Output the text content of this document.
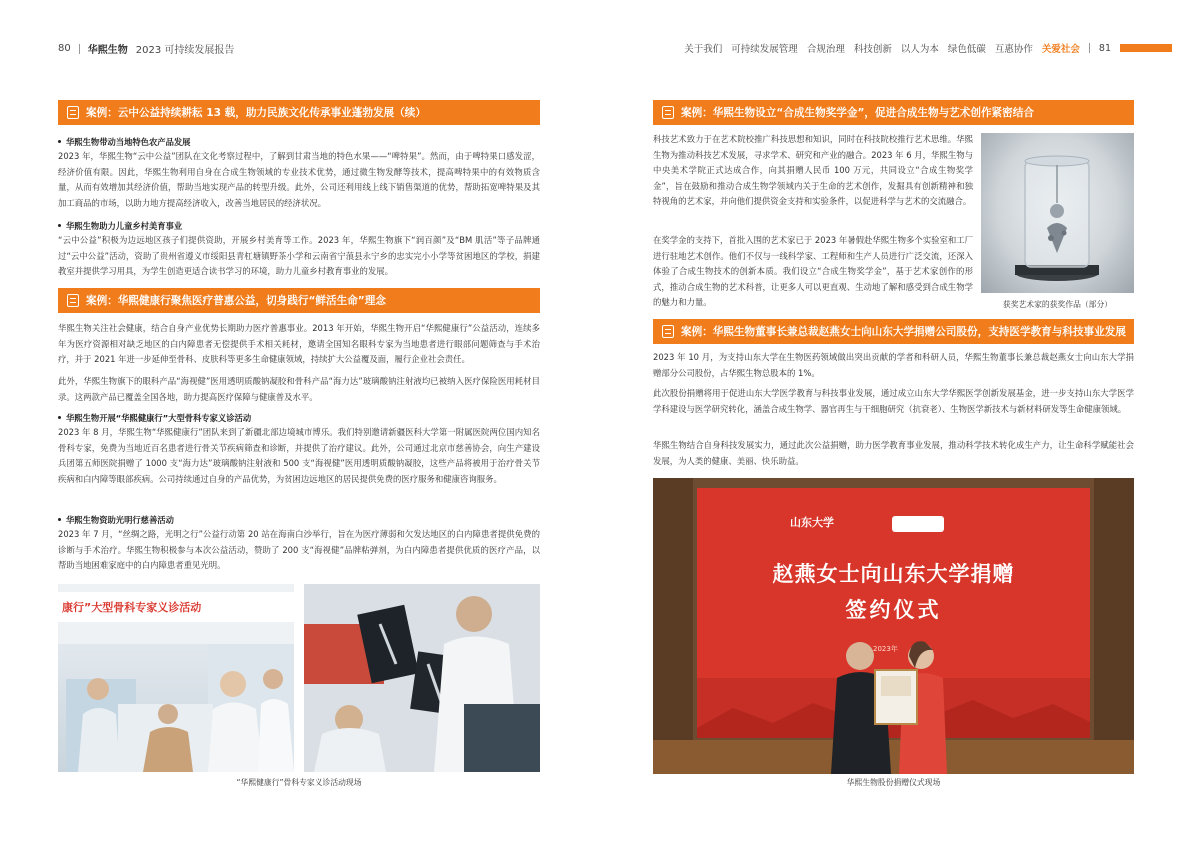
80 华熙生物 2023 可持续发展报告	关于我们 可持续发展管理 合规治理 科技创新 以人为本 绿色低碳 互惠协作 关爱社会 81
案例：云中公益持续耕耘 13 载，助力民族文化传承事业蓬勃发展（续）
华熙生物带动当地特色农产品发展
2023 年，华熙生物“云中公益”团队在文化考察过程中，了解到甘肃当地的特色水果——“啤特果”。然而，由于啤特果口感发涩，经济价值有限。因此，华熙生物利用自身在合成生物领域的专业技术优势，通过微生物发酵等技术，提高啤特果中的有效物质含量，从而有效增加其经济价值，帮助当地实现产品的转型升级。此外，公司还利用线上线下销售渠道的优势，帮助拓宽啤特果及其加工商品的市场，以助力地方提高经济收入，改善当地居民的经济状况。
华熙生物助力儿童乡村美育事业
“云中公益”积极为边远地区孩子们提供资助，开展乡村美育等工作。2023 年，华熙生物旗下“润百颜”及“BM 肌活”等子品牌通过“云中公益”活动，资助了贵州省遵义市绥阳县青杠塘镇野茶小学和云南省宁蒗县永宁乡的忠实完小小学等贫困地区的学校，捐建教室并提供学习用具，为学生创造更适合读书学习的环境，助力儿童乡村教育事业的发展。
案例：华熙健康行聚焦医疗普惠公益，切身践行“鲜活生命”理念
华熙生物关注社会健康，结合自身产业优势长期助力医疗普惠事业。2013 年开始，华熙生物开启“华熙健康行”公益活动，连续多年为医疗资源相对缺乏地区的白内障患者无偿提供手术相关耗材，邀请全国知名眼科专家为当地患者进行眼部问题筛查与手术治疗，并于 2021 年进一步延伸至骨科、皮肤科等更多生命健康领域，持续扩大公益覆及面，履行企业社会责任。
此外，华熙生物旗下的眼科产品“海视健”医用透明质酸钠凝胶和骨科产品“海力达”玻璃酸钠注射液均已被纳入医疗保险医用耗材目录。这两款产品已覆盖全国各地，助力提高医疗保障与健康普及水平。
华熙生物开展“华熙健康行”大型骨科专家义诊活动
2023 年 8 月，华熙生物“华熙健康行”团队来到了新疆北部边境城市博乐。我们特别邀请新疆医科大学第一附属医院两位国内知名骨科专家，免费为当地近百名患者进行骨关节疾病筛查和诊断，并提供了治疗建议。此外，公司通过北京市慈善协会，向生产建设兵团第五师医院捐赠了 1000 支“海力达”玻璃酸钠注射液和 500 支“海视健”医用透明质酸钠凝胶，这些产品将被用于治疗骨关节疾病和白内障等眼部疾病。公司持续通过自身的产品优势，为贫困边远地区的居民提供免费的医疗服务和健康咨询服务。
华熙生物资助光明行慈善活动
2023 年 7 月，“丝绸之路，光明之行”公益行动第 20 站在海南白沙举行，旨在为医疗薄弱和欠发达地区的白内障患者提供免费的诊断与手术治疗。华熙生物积极参与本次公益活动，赞助了 200 支“海视健”品牌粘弹剂，为白内障患者提供优质的医疗产品，以帮助当地困难家庭中的白内障患者重见光明。
康行”大型骨科专家义诊活动
“华熙健康行”骨科专家义诊活动现场
案例：华熙生物设立“合成生物奖学金”，促进合成生物与艺术创作紧密结合
科技艺术致力于在艺术院校推广科技思想和知识，同时在科技院校推行艺术思维。华熙生物为推动科技艺术发展，寻求学术、研究和产业的融合。2023 年 6 月，华熙生物与中央美术学院正式达成合作，向其捐赠人民币 100 万元，共同设立“合成生物奖学金”，旨在鼓励和推动合成生物学领域内关于生命的艺术创作，发掘具有创新精神和独特视角的艺术家，并向他们提供资金支持和实验条件，以促进科学与艺术的交流融合。
在奖学金的支持下，首批入围的艺术家已于 2023 年暑假赴华熙生物多个实验室和工厂进行驻地艺术创作。他们不仅与一线科学家、工程师和生产人员进行广泛交流，还深入体验了合成生物技术的创新本质。我们设立“合成生物奖学金”，基于艺术家创作的形式，推动合成生物的艺术科普，让更多人可以更直观、生动地了解和感受到合成生物学的魅力和力量。	获奖艺术家的获奖作品（部分）
案例：华熙生物董事长兼总裁赵燕女士向山东大学捐赠公司股份，支持医学教育与科技事业发展
2023 年 10 月，为支持山东大学在生物医药领域做出突出贡献的学者和科研人员，华熙生物董事长兼总裁赵燕女士向山东大学捐赠部分公司股份，占华熙生物总股本的 1%。
此次股份捐赠将用于促进山东大学医学教育与科技事业发展，通过成立山东大学华熙医学创新发展基金，进一步支持山东大学医学学科建设与医学研究转化，涵盖合成生物学、器官再生与干细胞研究（抗衰老）、生物医学新技术与新材料研发等生命健康领域。
华熙生物结合自身科技发展实力，通过此次公益捐赠，助力医学教育事业发展，推动科学技术转化成生产力，让生命科学赋能社会发展，为人类的健康、美丽、快乐助益。
山东大学
赵燕女士向山东大学捐赠
签约仪式
2023年
华熙生物股份捐赠仪式现场
